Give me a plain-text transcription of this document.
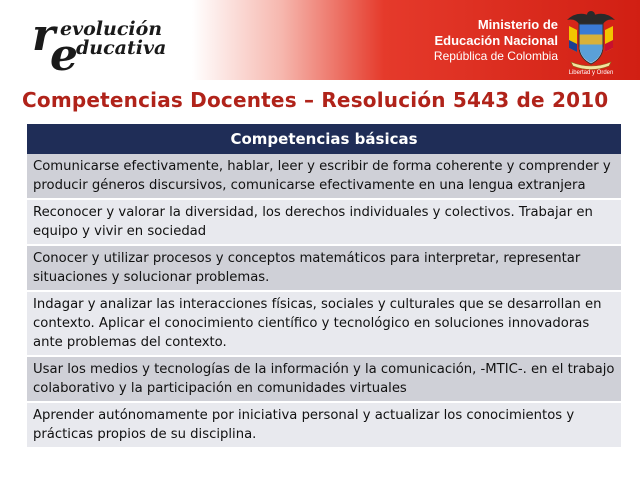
r evolución
e
ducativa
Ministerio de
Educación Nacional
República de Colombia
Libertad y Orden
Competencias Docentes – Resolución 5443 de 2010
Competencias básicas
Comunicarse efectivamente, hablar, leer y escribir de forma coherente y comprender y producir géneros discursivos, comunicarse efectivamente en una lengua extranjera
Reconocer y valorar la diversidad, los derechos individuales y colectivos. Trabajar en equipo y vivir en sociedad
Conocer y utilizar procesos y conceptos matemáticos para interpretar, representar situaciones y solucionar problemas.
Indagar y analizar las interacciones físicas, sociales y culturales que se desarrollan en contexto. Aplicar el conocimiento científico y tecnológico en soluciones innovadoras ante problemas del contexto.
Usar los medios y tecnologías de la información y la comunicación, -MTIC-. en el trabajo colaborativo y la participación en comunidades virtuales
Aprender autónomamente por iniciativa personal y actualizar los conocimientos y prácticas propios de su disciplina.
